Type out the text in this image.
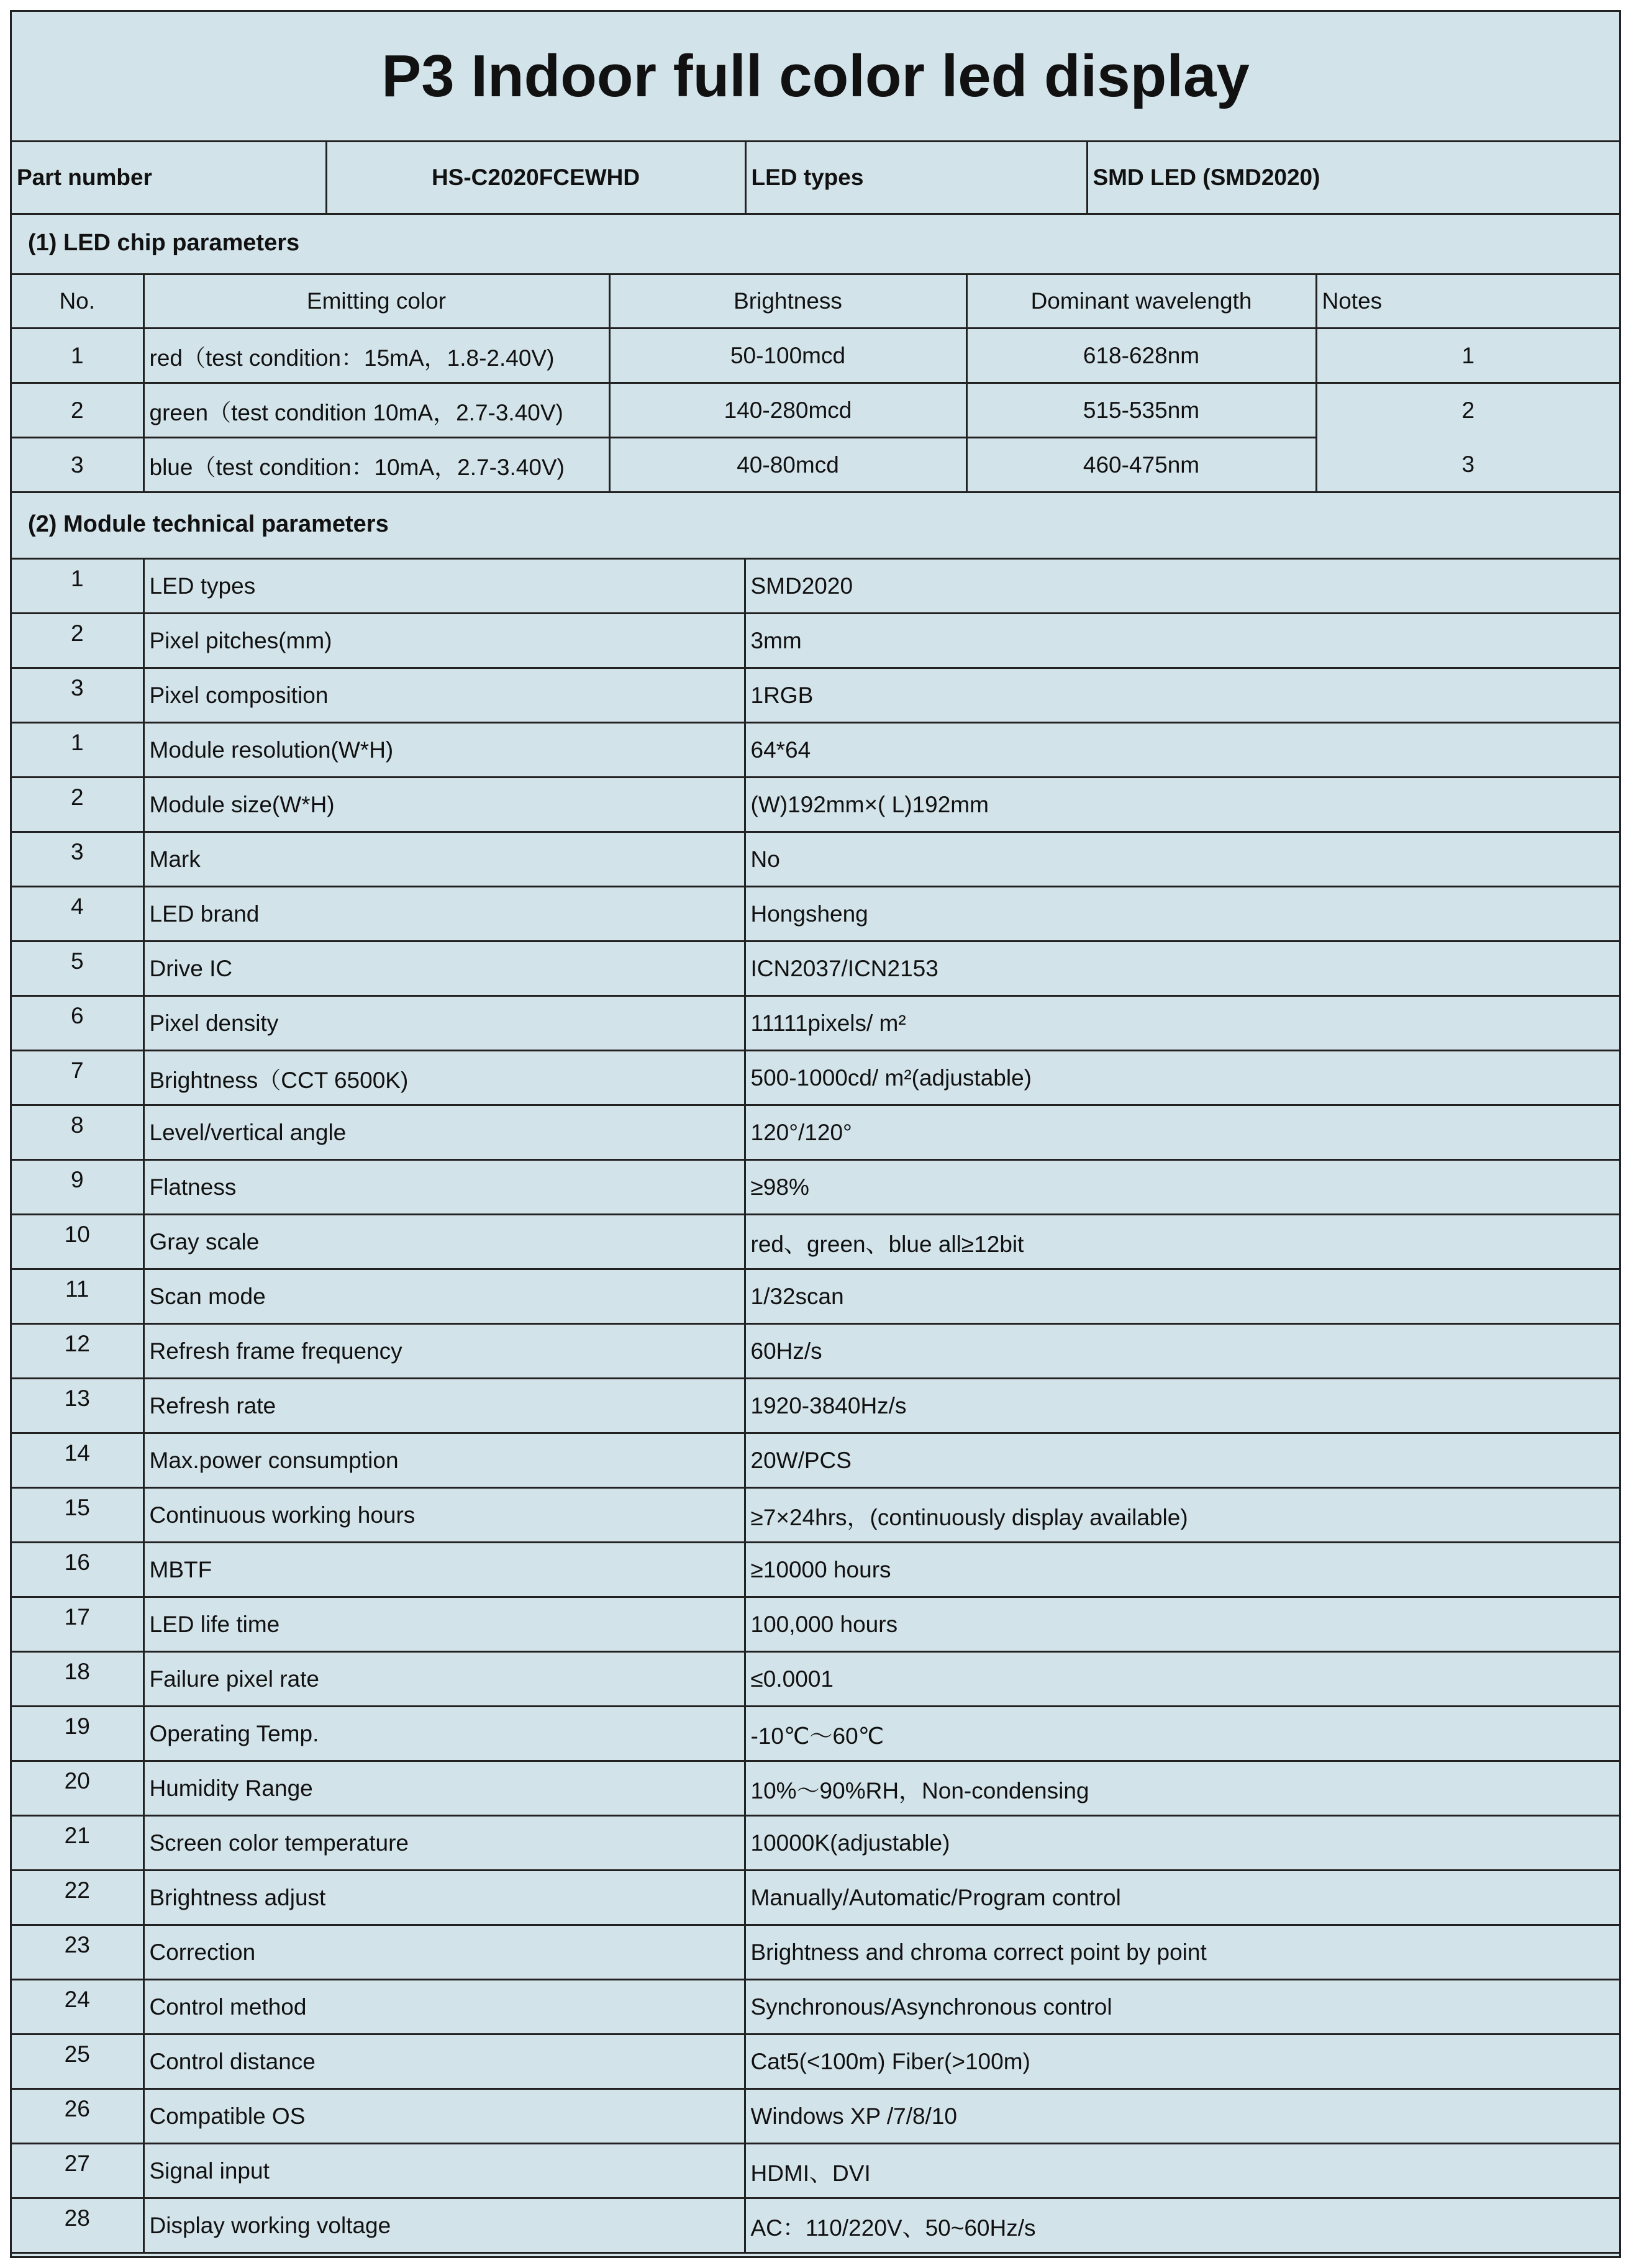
P3 Indoor full color led display
Part number	HS-C2020FCEWHD	LED types	SMD LED (SMD2020)
(1) LED chip parameters
No.	Emitting color	Brightness	Dominant wavelength	Notes
1	red（test condition：15mA，1.8-2.40V)	50-100mcd	618-628nm	1
2	green（test condition 10mA，2.7-3.40V)	140-280mcd	515-535nm	2
3	blue（test condition：10mA，2.7-3.40V)	40-80mcd	460-475nm	3
(2) Module technical parameters
1	LED types	SMD2020
2	Pixel pitches(mm)	3mm
3	Pixel composition	1RGB
1	Module resolution(W*H)	64*64
2	Module size(W*H)	(W)192mm×( L)192mm
3	Mark	No
4	LED brand	Hongsheng
5	Drive IC	ICN2037/ICN2153
6	Pixel density	11111pixels/ m²
7	Brightness（CCT 6500K)	500-1000cd/ m²(adjustable)
8	Level/vertical angle	120°/120°
9	Flatness	≥98%
10	Gray scale	red、green、blue all≥12bit
11	Scan mode	1/32scan
12	Refresh frame frequency	60Hz/s
13	Refresh rate	1920-3840Hz/s
14	Max.power consumption	20W/PCS
15	Continuous working hours	≥7×24hrs，(continuously display available)
16	MBTF	≥10000 hours
17	LED life time	100,000 hours
18	Failure pixel rate	≤0.0001
19	Operating Temp.	-10℃～60℃
20	Humidity Range	10%～90%RH，Non-condensing
21	Screen color temperature	10000K(adjustable)
22	Brightness adjust	Manually/Automatic/Program control
23	Correction	Brightness and chroma correct point by point
24	Control method	Synchronous/Asynchronous control
25	Control distance	Cat5(<100m) Fiber(>100m)
26	Compatible OS	Windows XP /7/8/10
27	Signal input	HDMI、DVI
28	Display working voltage	AC：110/220V、50~60Hz/s
